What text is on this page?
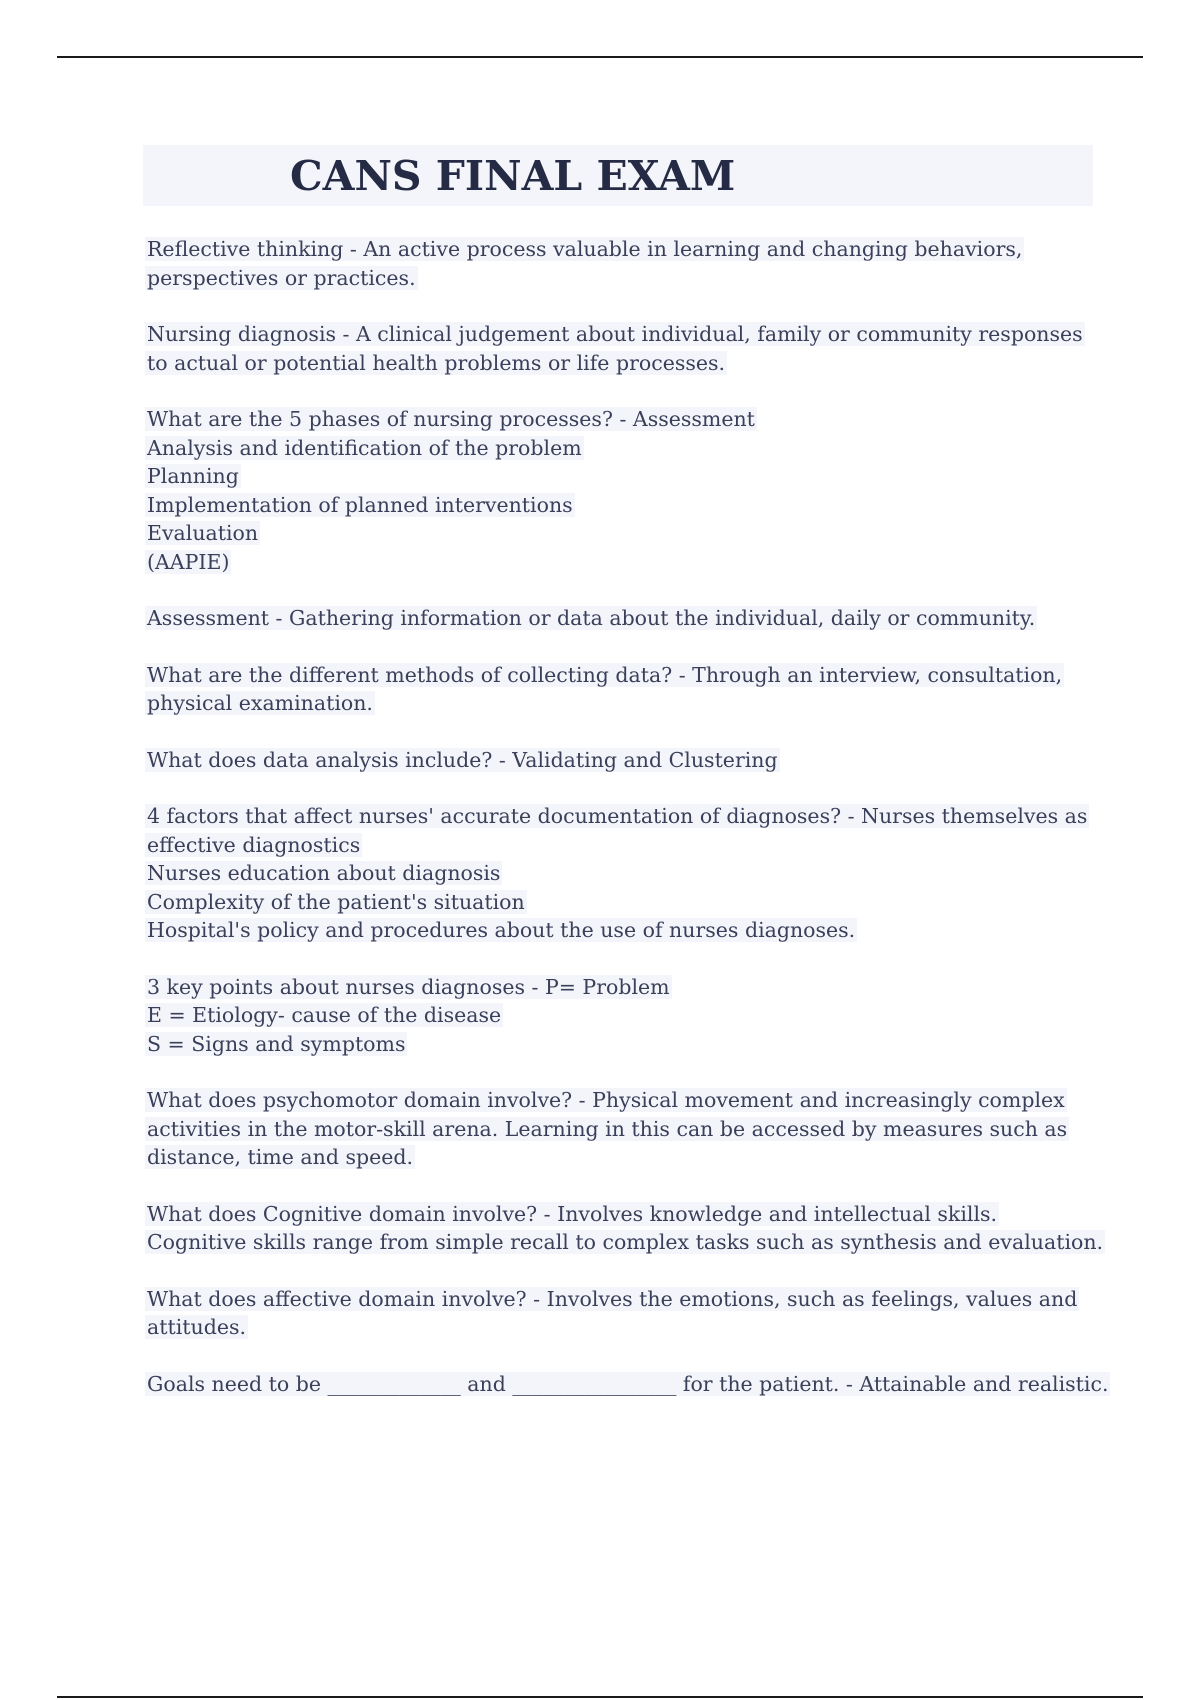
CANS FINAL EXAM
Reflective thinking - An active process valuable in learning and changing behaviors,
perspectives or practices.
Nursing diagnosis - A clinical judgement about individual, family or community responses
to actual or potential health problems or life processes.
What are the 5 phases of nursing processes? - Assessment
Analysis and identification of the problem
Planning
Implementation of planned interventions
Evaluation
(AAPIE)
Assessment - Gathering information or data about the individual, daily or community.
What are the different methods of collecting data? - Through an interview, consultation,
physical examination.
What does data analysis include? - Validating and Clustering
4 factors that affect nurses' accurate documentation of diagnoses? - Nurses themselves as
effective diagnostics
Nurses education about diagnosis
Complexity of the patient's situation
Hospital's policy and procedures about the use of nurses diagnoses.
3 key points about nurses diagnoses - P= Problem
E = Etiology- cause of the disease
S = Signs and symptoms
What does psychomotor domain involve? - Physical movement and increasingly complex
activities in the motor-skill arena. Learning in this can be accessed by measures such as
distance, time and speed.
What does Cognitive domain involve? - Involves knowledge and intellectual skills.
Cognitive skills range from simple recall to complex tasks such as synthesis and evaluation.
What does affective domain involve? - Involves the emotions, such as feelings, values and
attitudes.
Goals need to be _____________ and ________________ for the patient. - Attainable and realistic.
